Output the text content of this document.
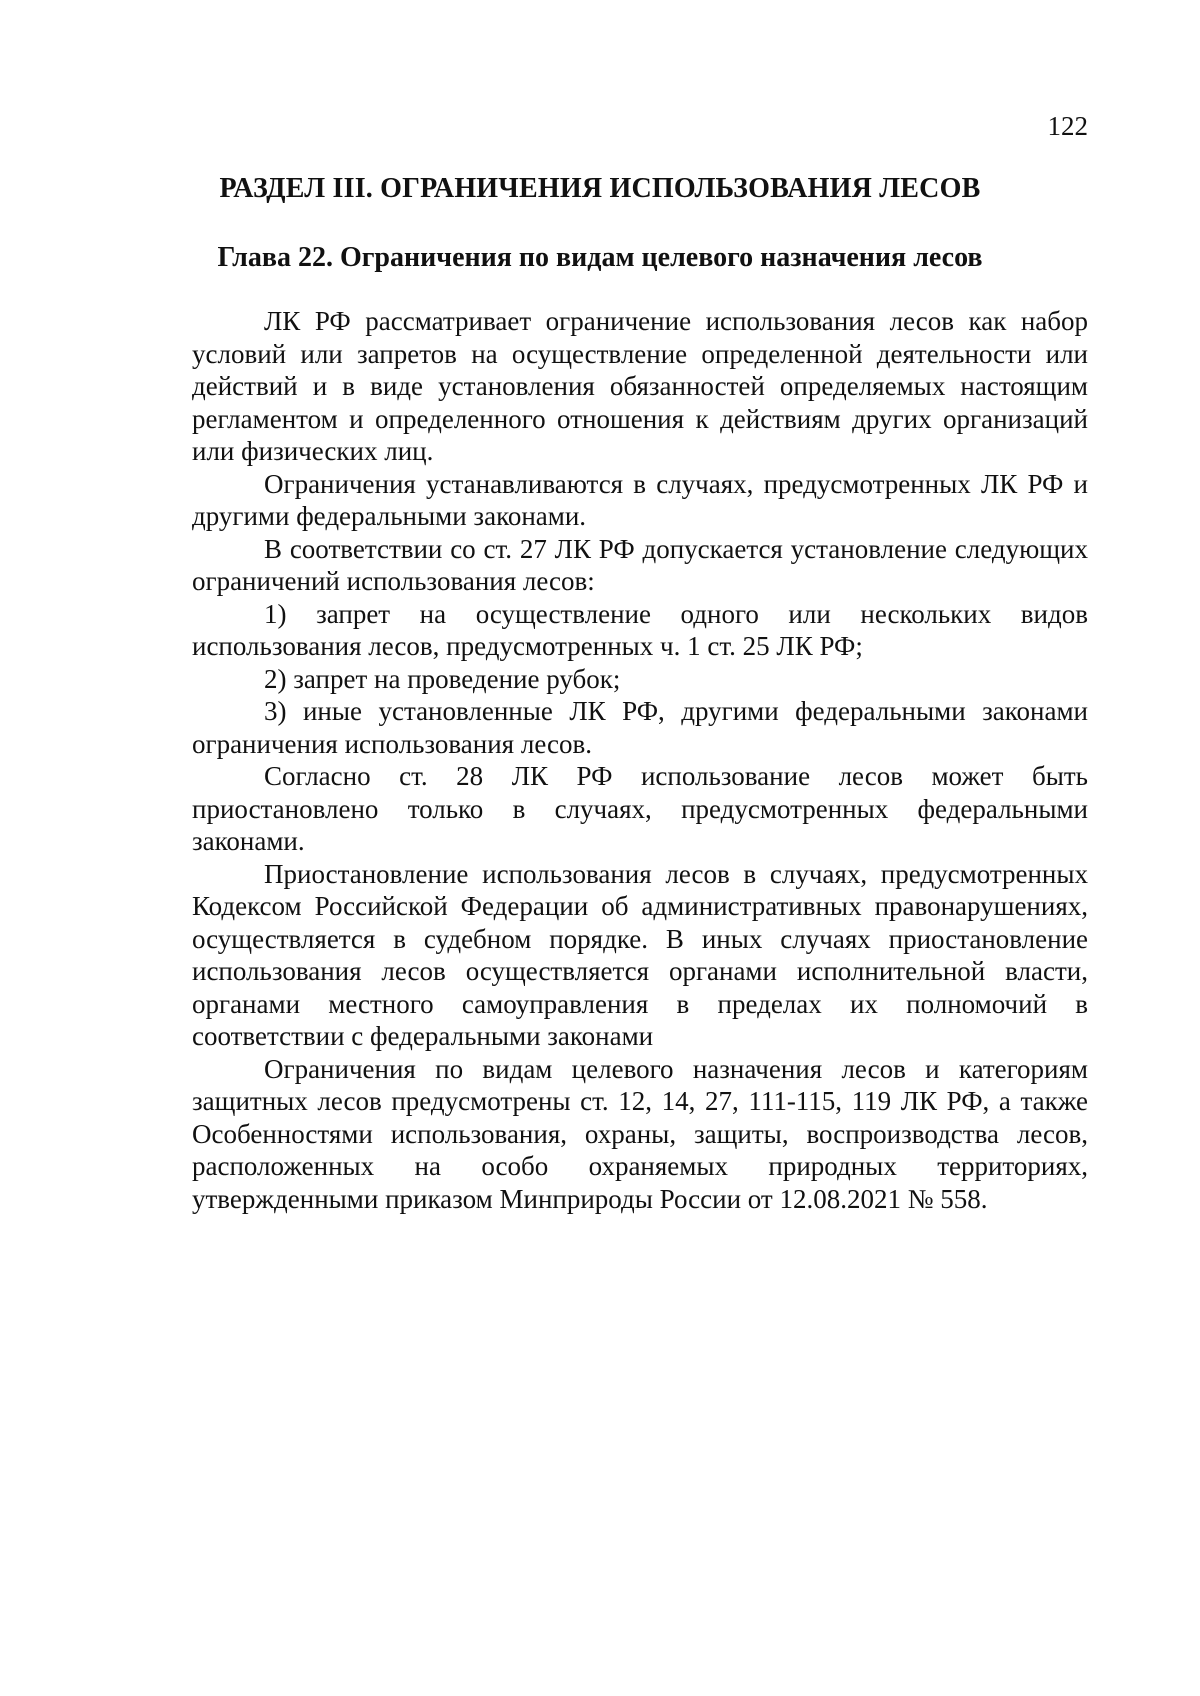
122
РАЗДЕЛ III. ОГРАНИЧЕНИЯ ИСПОЛЬЗОВАНИЯ ЛЕСОВ
Глава 22. Ограничения по видам целевого назначения лесов

ЛК РФ рассматривает ограничение использования лесов как набор условий или запретов на осуществление определенной деятельности или действий и в виде установления обязанностей определяемых настоящим регламентом и определенного отношения к действиям других организаций или физических лиц.

Ограничения устанавливаются в случаях, предусмотренных ЛК РФ и другими федеральными законами.

В соответствии со ст. 27 ЛК РФ допускается установление следующих ограничений использования лесов:

1) запрет на осуществление одного или нескольких видов использования лесов, предусмотренных ч. 1 ст. 25 ЛК РФ;

2) запрет на проведение рубок;

3) иные установленные ЛК РФ, другими федеральными законами ограничения использования лесов.

Согласно ст. 28 ЛК РФ использование лесов может быть приостановлено только в случаях, предусмотренных федеральными законами.

Приостановление использования лесов в случаях, предусмотренных Кодексом Российской Федерации об административных правонарушениях, осуществляется в судебном порядке. В иных случаях приостановление использования лесов осуществляется органами исполнительной власти, органами местного самоуправления в пределах их полномочий в соответствии с федеральными законами

Ограничения по видам целевого назначения лесов и категориям защитных лесов предусмотрены ст. 12, 14, 27, 111-115, 119 ЛК РФ, а также Особенностями использования, охраны, защиты, воспроизводства лесов, расположенных на особо охраняемых природных территориях, утвержденными приказом Минприроды России от 12.08.2021 № 558.
